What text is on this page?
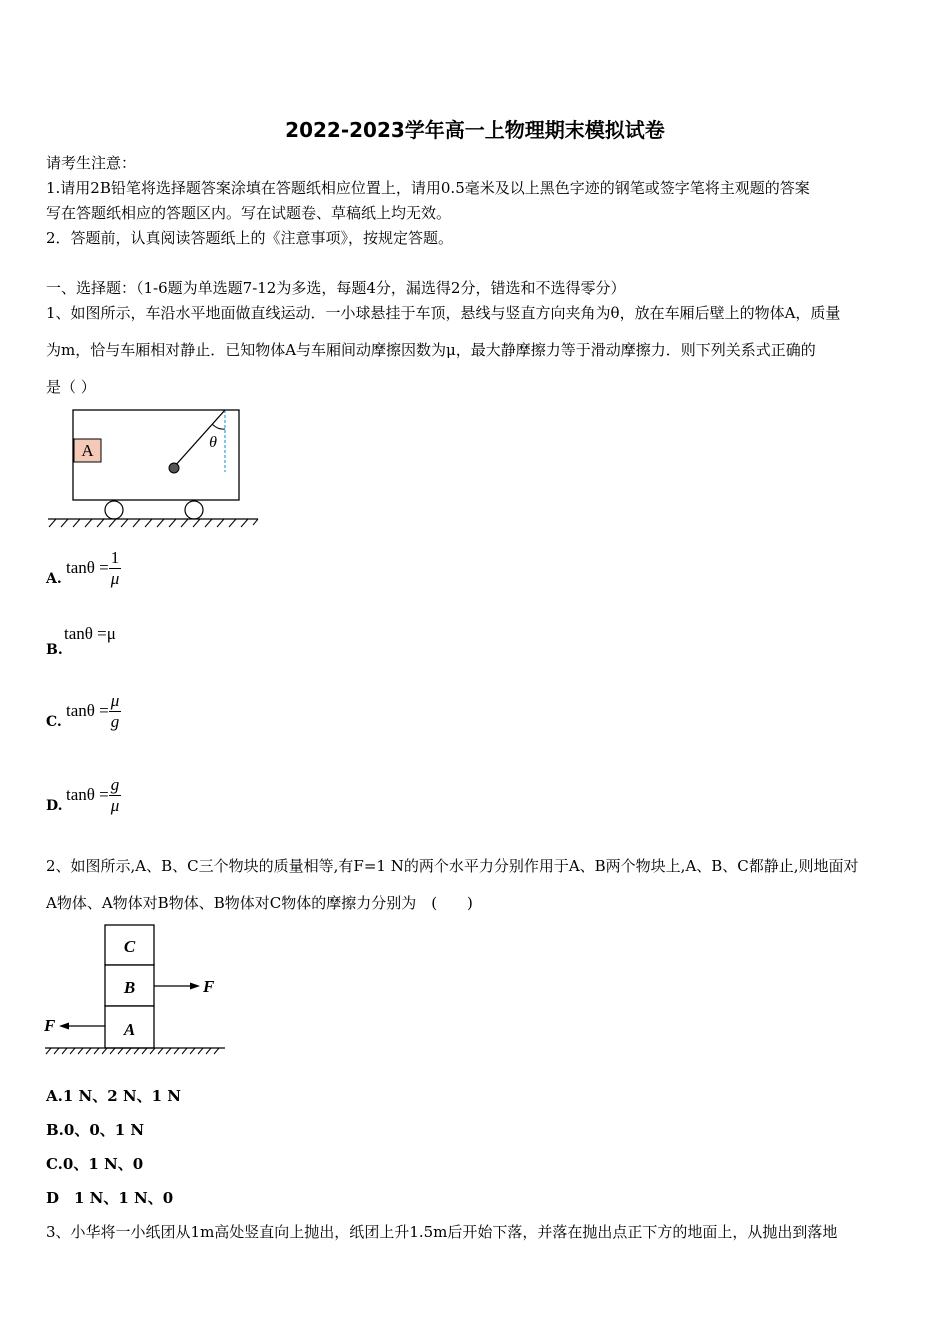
2022-2023学年高一上物理期末模拟试卷
请考生注意：
1.请用2B铅笔将选择题答案涂填在答题纸相应位置上，请用0.5毫米及以上黑色字迹的钢笔或签字笔将主观题的答案
写在答题纸相应的答题区内。写在试题卷、草稿纸上均无效。
2．答题前，认真阅读答题纸上的《注意事项》，按规定答题。
一、选择题：（1-6题为单选题7-12为多选，每题4分，漏选得2分，错选和不选得零分）
1、如图所示，车沿水平地面做直线运动．一小球悬挂于车顶，悬线与竖直方向夹角为θ，放在车厢后壁上的物体A，质量
为m，恰与车厢相对静止．已知物体A与车厢间动摩擦因数为μ，最大静摩擦力等于滑动摩擦力．则下列关系式正确的
是（ ）
A	θ
A.
$\tan\theta = \frac{1}{\mu}$
B.
tanθ =μ
C.
$\tan\theta = \frac{\mu}{g}$
D.
$\tan\theta = \frac{g}{\mu}$
2、如图所示,A、B、C三个物块的质量相等,有F=1 N的两个水平力分别作用于A、B两个物块上,A、B、C都静止,则地面对
A物体、A物体对B物体、B物体对C物体的摩擦力分别为　(　　)
C
B
A
F
F
A.1 N、2 N、1 N
B.0、0、1 N
C.0、1 N、0
D　1 N、1 N、0
3、小华将一小纸团从1m高处竖直向上抛出，纸团上升1.5m后开始下落，并落在抛出点正下方的地面上，从抛出到落地
